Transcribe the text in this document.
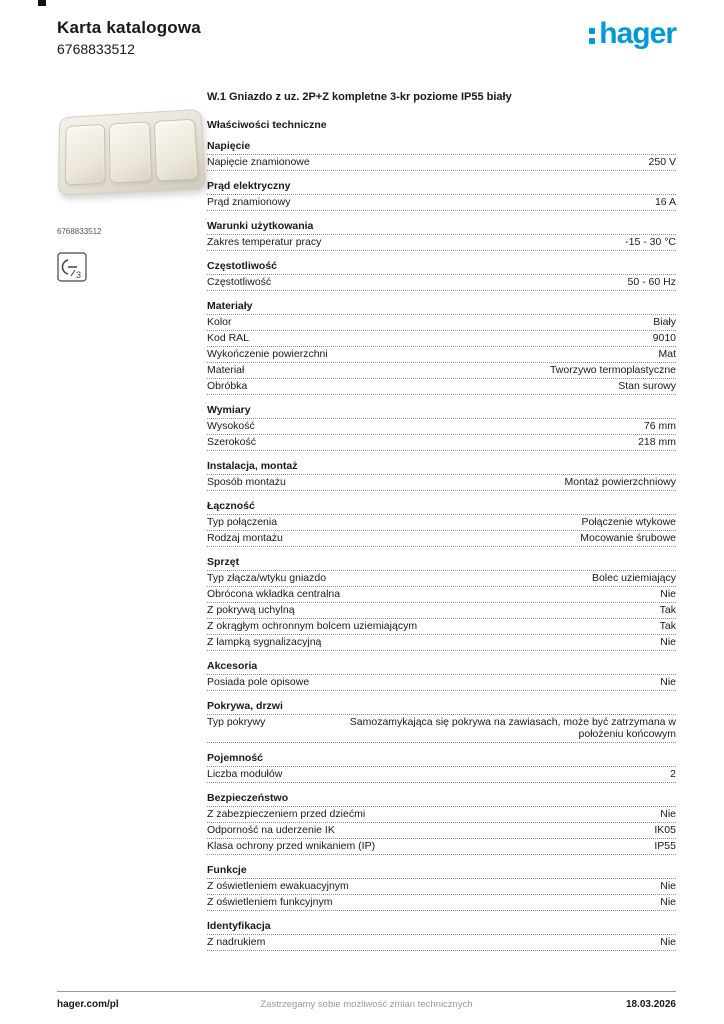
Karta katalogowa
6768833512	hager
6768833512
3
W.1 Gniazdo z uz. 2P+Z kompletne 3-kr poziome IP55 biały
Właściwości techniczne
Napięcie
Napięcie znamionowe	250 V
Prąd elektryczny
Prąd znamionowy	16 A
Warunki użytkowania
Zakres temperatur pracy	-15 - 30 °C
Częstotliwość
Częstotliwość	50 - 60 Hz
Materiały
Kolor	Biały
Kod RAL	9010
Wykończenie powierzchni	Mat
Materiał	Tworzywo termoplastyczne
Obróbka	Stan surowy
Wymiary
Wysokość	76 mm
Szerokość	218 mm
Instalacja, montaż
Sposób montażu	Montaż powierzchniowy
Łączność
Typ połączenia	Połączenie wtykowe
Rodzaj montażu	Mocowanie śrubowe
Sprzęt
Typ złącza/wtyku gniazdo	Bolec uziemiający
Obrócona wkładka centralna	Nie
Z pokrywą uchylną	Tak
Z okrągłym ochronnym bolcem uziemiającym	Tak
Z lampką sygnalizacyjną	Nie
Akcesoria
Posiada pole opisowe	Nie
Pokrywa, drzwi
Typ pokrywy	Samozamykająca się pokrywa na zawiasach, może być zatrzymana w położeniu końcowym
Pojemność
Liczba modułów	2
Bezpieczeństwo
Z zabezpieczeniem przed dziećmi	Nie
Odporność na uderzenie IK	IK05
Klasa ochrony przed wnikaniem (IP)	IP55
Funkcje
Z oświetleniem ewakuacyjnym	Nie
Z oświetleniem funkcyjnym	Nie
Identyfikacja
Z nadrukiem	Nie
hager.com/pl	Zastrzegamy sobie możliwość zmian technicznych	18.03.2026
